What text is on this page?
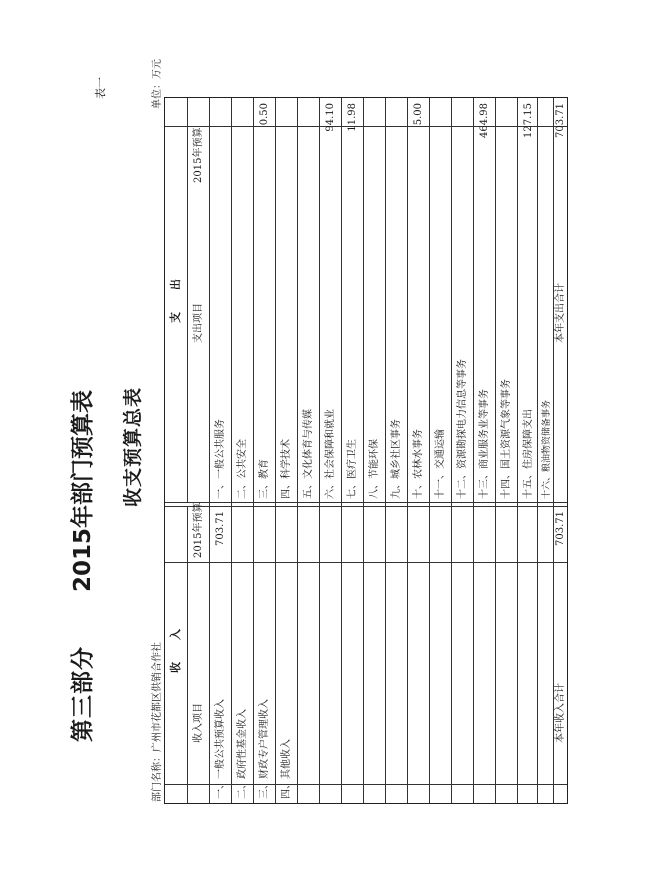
第三部分
2015年部门预算表 收支预算总表
表一	单位：万元
部门名称：广州市花都区供销合作社 收　　入
支　　出
收入项目
2015年预算
支出项目
2015年预算
一、一般公共预算收入
703.71
一、一般公共服务
二、政府性基金收入
二、公共安全
三、财政专户管理收入
三、教育
0.50
四、其他收入
四、科学技术 五、文化体育与传媒 六、社会保障和就业
94.10
七、医疗卫生
11.98
八、节能环保 九、城乡社区事务 十、农林水事务
5.00
十一、交通运输 十二、资源勘探电力信息等事务 十三、商业服务业等事务
464.98
十四、国土资源气象等事务 十五、住房保障支出
127.15
十六、粮油物资储备事务
本年收入合计
703.71
本年支出合计
703.71
